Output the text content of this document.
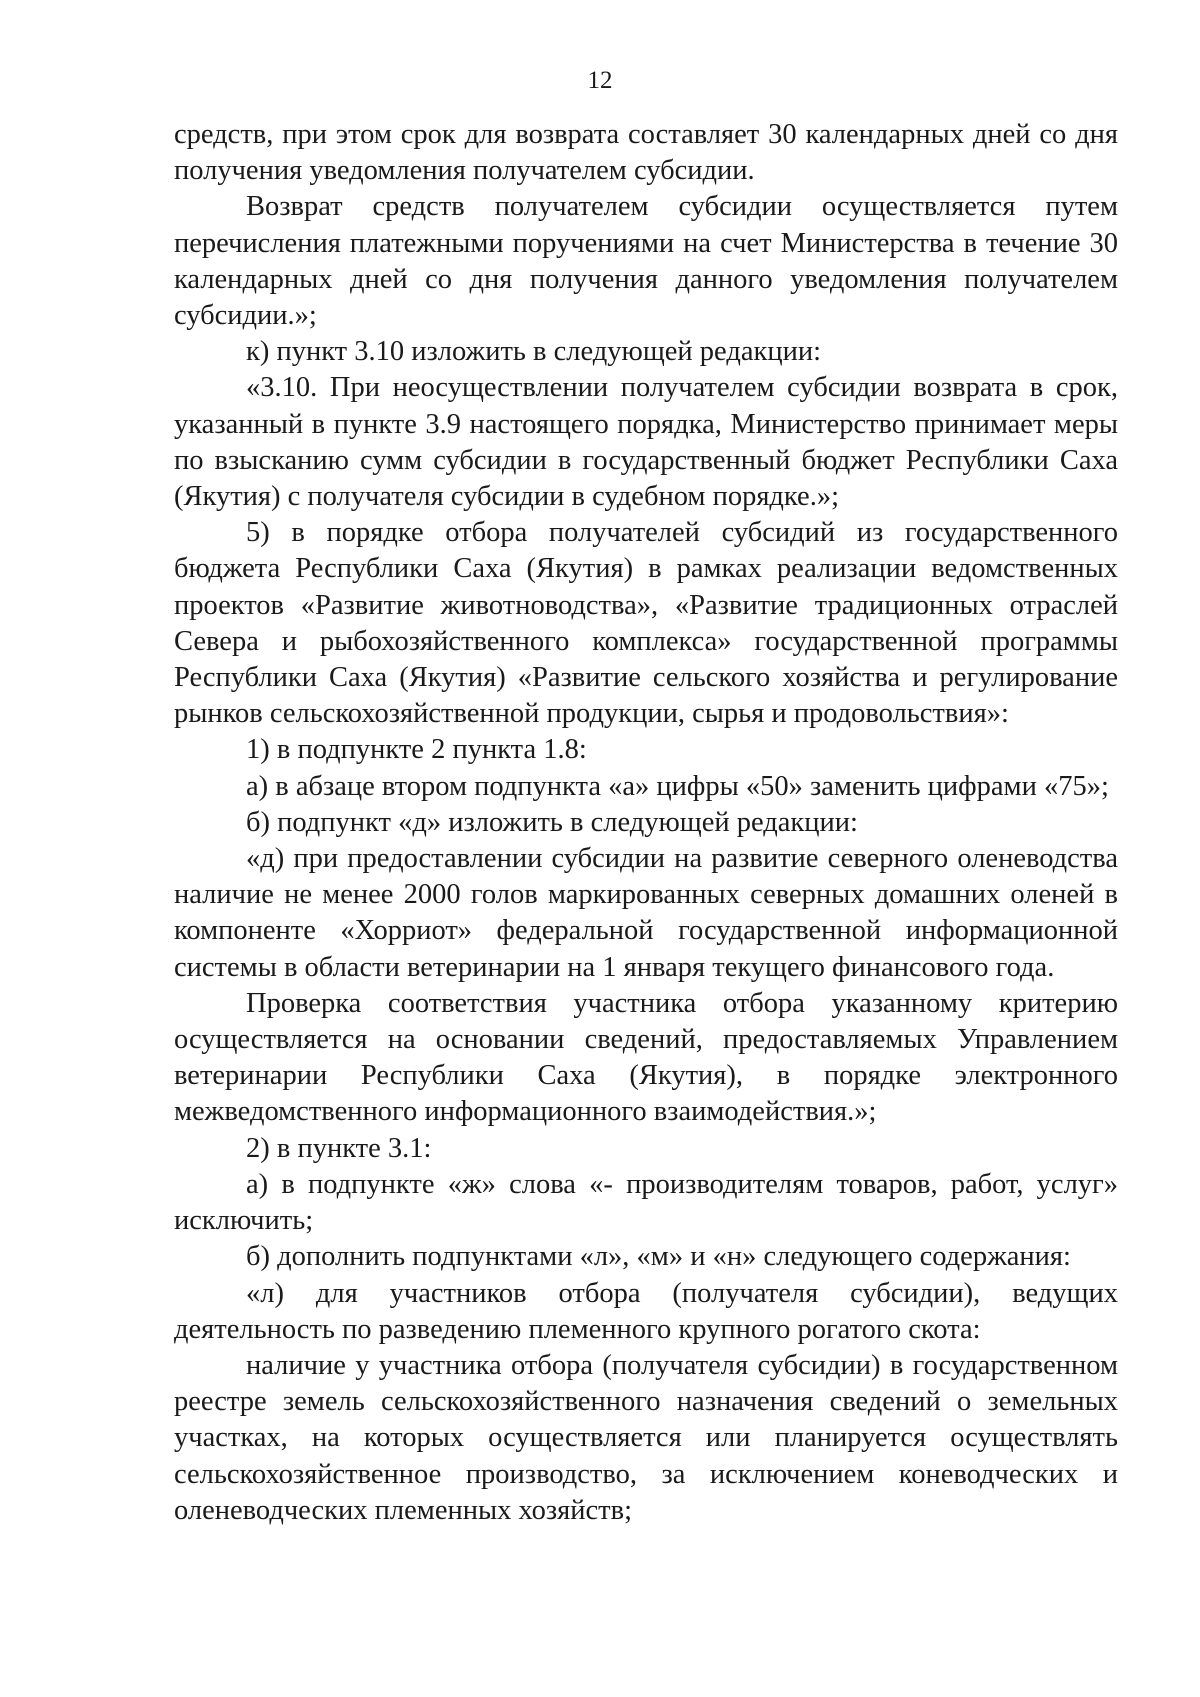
12

средств, при этом срок для возврата составляет 30 календарных дней со дня получения уведомления получателем субсидии.

Возврат средств получателем субсидии осуществляется путем перечисления платежными поручениями на счет Министерства в течение 30 календарных дней со дня получения данного уведомления получателем субсидии.»;

к) пункт 3.10 изложить в следующей редакции:

«3.10. При неосуществлении получателем субсидии возврата в срок, указанный в пункте 3.9 настоящего порядка, Министерство принимает меры по взысканию сумм субсидии в государственный бюджет Республики Саха (Якутия) с получателя субсидии в судебном порядке.»;

5) в порядке отбора получателей субсидий из государственного бюджета Республики Саха (Якутия) в рамках реализации ведомственных проектов «Развитие животноводства», «Развитие традиционных отраслей Севера и рыбохозяйственного комплекса» государственной программы Республики Саха (Якутия) «Развитие сельского хозяйства и регулирование рынков сельскохозяйственной продукции, сырья и продовольствия»:

1) в подпункте 2 пункта 1.8:

а) в абзаце втором подпункта «а» цифры «50» заменить цифрами «75»;

б) подпункт «д» изложить в следующей редакции:

«д) при предоставлении субсидии на развитие северного оленеводства наличие не менее 2000 голов маркированных северных домашних оленей в компоненте «Хорриот» федеральной государственной информационной системы в области ветеринарии на 1 января текущего финансового года.

Проверка соответствия участника отбора указанному критерию осуществляется на основании сведений, предоставляемых Управлением ветеринарии Республики Саха (Якутия), в порядке электронного межведомственного информационного взаимодействия.»;

2) в пункте 3.1:

а) в подпункте «ж» слова «- производителям товаров, работ, услуг» исключить;

б) дополнить подпунктами «л», «м» и «н» следующего содержания:

«л) для участников отбора (получателя субсидии), ведущих деятельность по разведению племенного крупного рогатого скота:

наличие у участника отбора (получателя субсидии) в государственном реестре земель сельскохозяйственного назначения сведений о земельных участках, на которых осуществляется или планируется осуществлять сельскохозяйственное производство, за исключением коневодческих и оленеводческих племенных хозяйств;
